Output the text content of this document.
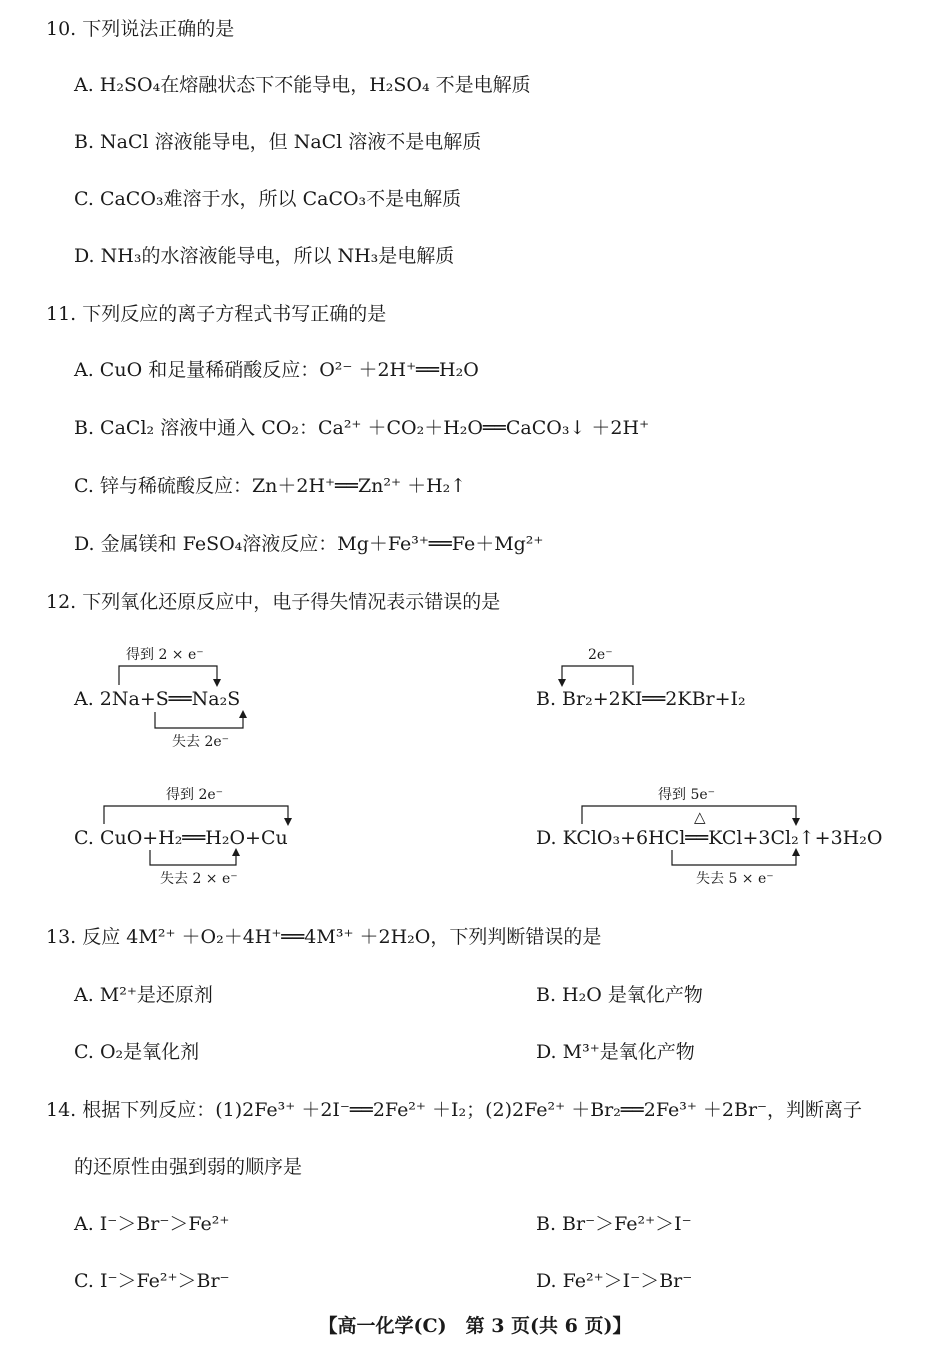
10. 下列说法正确的是
A. H₂SO₄在熔融状态下不能导电，H₂SO₄ 不是电解质
B. NaCl 溶液能导电，但 NaCl 溶液不是电解质
C. CaCO₃难溶于水，所以 CaCO₃不是电解质
D. NH₃的水溶液能导电，所以 NH₃是电解质
11. 下列反应的离子方程式书写正确的是
A. CuO 和足量稀硝酸反应：O²⁻ ＋2H⁺══H₂O
B. CaCl₂ 溶液中通入 CO₂：Ca²⁺ ＋CO₂＋H₂O══CaCO₃↓ ＋2H⁺
C. 锌与稀硫酸反应：Zn＋2H⁺══Zn²⁺ ＋H₂↑
D. 金属镁和 FeSO₄溶液反应：Mg＋Fe³⁺══Fe＋Mg²⁺
12. 下列氧化还原反应中，电子得失情况表示错误的是
A. 2Na+S══Na₂S
得到 2 × e⁻
失去 2e⁻
B. Br₂+2KI══2KBr+I₂
2e⁻
C. CuO+H₂══H₂O+Cu
得到 2e⁻
失去 2 × e⁻
D. KClO₃+6HCl══KCl+3Cl₂↑+3H₂O
△
得到 5e⁻
失去 5 × e⁻
13. 反应 4M²⁺ ＋O₂＋4H⁺══4M³⁺ ＋2H₂O，下列判断错误的是
A. M²⁺是还原剂	B. H₂O 是氧化产物
C. O₂是氧化剂	D. M³⁺是氧化产物
14. 根据下列反应：(1)2Fe³⁺ ＋2I⁻══2Fe²⁺ ＋I₂；(2)2Fe²⁺ ＋Br₂══2Fe³⁺ ＋2Br⁻，判断离子
的还原性由强到弱的顺序是
A. I⁻＞Br⁻＞Fe²⁺	B. Br⁻＞Fe²⁺＞I⁻
C. I⁻＞Fe²⁺＞Br⁻	D. Fe²⁺＞I⁻＞Br⁻
【高一化学(C)　第 3 页(共 6 页)】
